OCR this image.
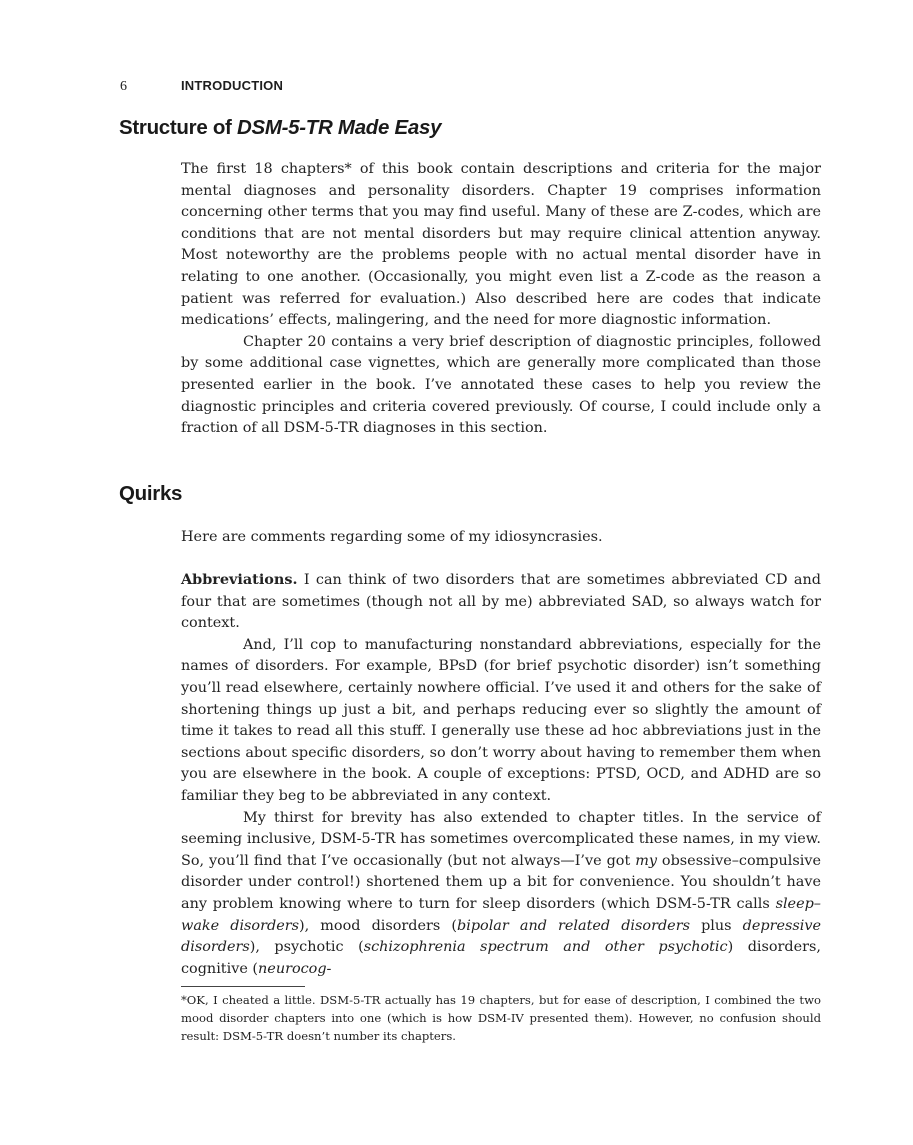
6	INTRODUCTION
Structure of DSM-5-TR Made Easy

The first 18 chapters* of this book contain descriptions and criteria for the major mental diagnoses and personality disorders. Chapter 19 comprises information concerning other terms that you may find useful. Many of these are Z-codes, which are conditions that are not mental disorders but may require clinical attention anyway. Most noteworthy are the problems people with no actual mental disorder have in relating to one another. (Occasionally, you might even list a Z-code as the reason a patient was referred for evaluation.) Also described here are codes that indicate medications’ effects, malingering, and the need for more diagnostic information.

Chapter 20 contains a very brief description of diagnostic principles, followed by some additional case vignettes, which are generally more complicated than those presented earlier in the book. I’ve annotated these cases to help you review the diagnostic principles and criteria covered previously. Of course, I could include only a fraction of all DSM-5-TR diagnoses in this section.

Quirks

Here are comments regarding some of my idiosyncrasies.

Abbreviations. I can think of two disorders that are sometimes abbreviated CD and four that are sometimes (though not all by me) abbreviated SAD, so always watch for context.

And, I’ll cop to manufacturing nonstandard abbreviations, especially for the names of disorders. For example, BPsD (for brief psychotic disorder) isn’t something you’ll read elsewhere, certainly nowhere official. I’ve used it and others for the sake of shortening things up just a bit, and perhaps reducing ever so slightly the amount of time it takes to read all this stuff. I generally use these ad hoc abbreviations just in the sections about specific disorders, so don’t worry about having to remember them when you are elsewhere in the book. A couple of exceptions: PTSD, OCD, and ADHD are so familiar they beg to be abbreviated in any context.

My thirst for brevity has also extended to chapter titles. In the service of seeming inclusive, DSM-5-TR has sometimes overcomplicated these names, in my view. So, you’ll find that I’ve occasionally (but not always—I’ve got my obsessive–compulsive disorder under control!) shortened them up a bit for convenience. You shouldn’t have any problem knowing where to turn for sleep disorders (which DSM-5-TR calls sleep–wake disorders), mood disorders (bipolar and related disorders plus depressive disorders), psychotic (schizophrenia spectrum and other psychotic) disorders, cognitive (neurocog-

*OK, I cheated a little. DSM-5-TR actually has 19 chapters, but for ease of description, I combined the two mood disorder chapters into one (which is how DSM-IV presented them). However, no confusion should result: DSM-5-TR doesn’t number its chapters.
